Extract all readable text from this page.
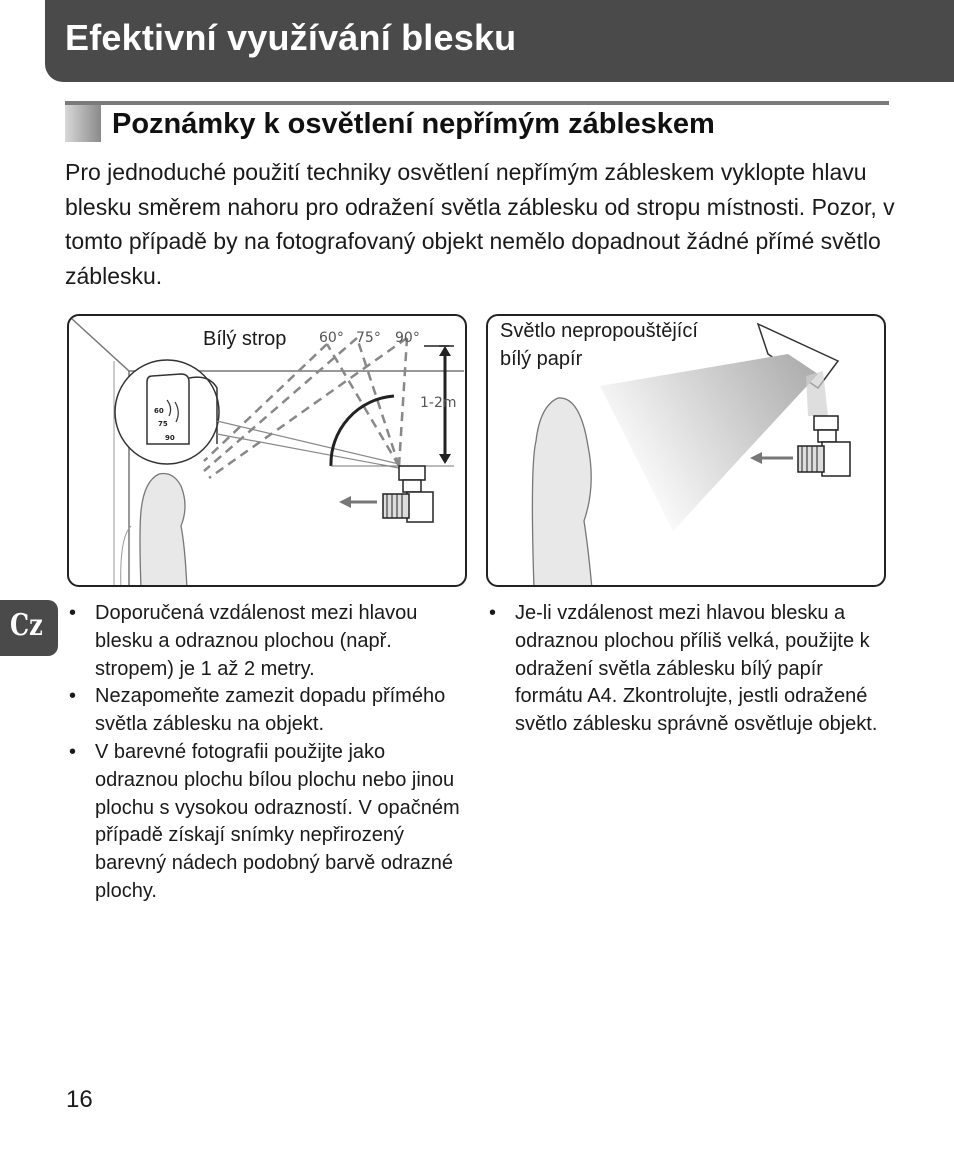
Efektivní využívání blesku
Poznámky k osvětlení nepřímým zábleskem

Pro jednoduché použití techniky osvětlení nepřímým zábleskem vyklopte hlavu blesku směrem nahoru pro odražení světla záblesku od stropu místnosti. Pozor, v tomto případě by na fotografovaný objekt nemělo dopadnout žádné přímé světlo záblesku.

60
75
90

Bílý strop 60° 75° 90°
1-2m

Světlo nepropouštějící

bílý papír

• Doporučená vzdálenost mezi hlavou blesku a odraznou plochou (např. stropem) je 1 až 2 metry.
• Nezapomeňte zamezit dopadu přímého světla záblesku na objekt.
• V barevné fotografii použijte jako odraznou plochu bílou plochu nebo jinou plochu s vysokou odrazností. V opačném případě získají snímky nepřirozený barevný nádech podobný barvě odrazné plochy.
• Je-li vzdálenost mezi hlavou blesku a odraznou plochou příliš velká, použijte k odražení světla záblesku bílý papír formátu A4. Zkontrolujte, jestli odražené světlo záblesku správně osvětluje objekt.
Cz
16
